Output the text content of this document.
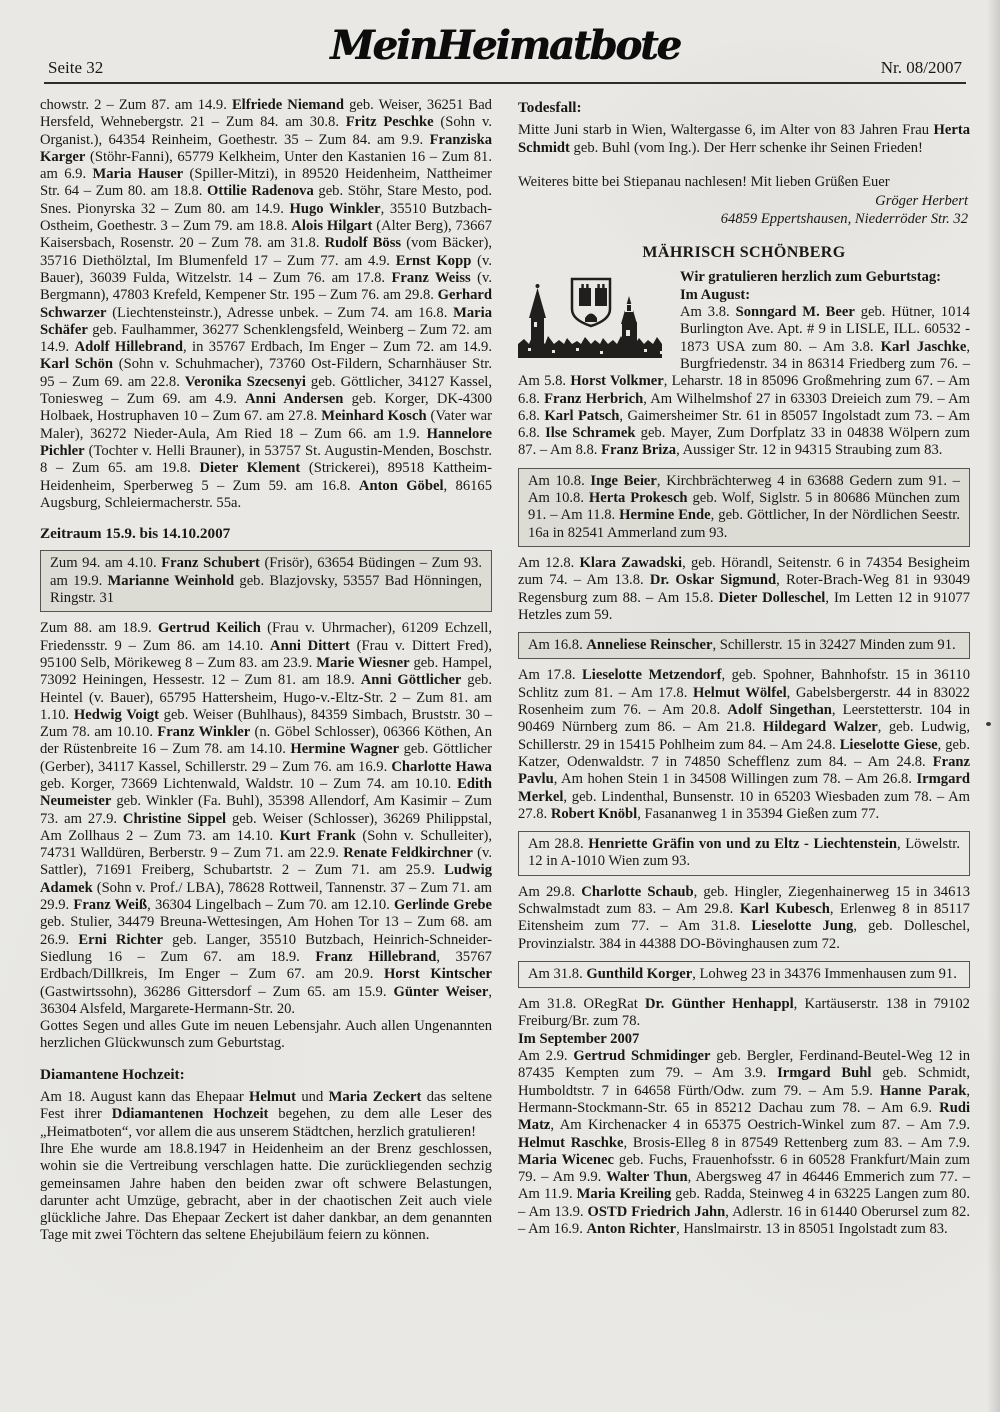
Seite 32	MeinHeimatbote	Nr. 08/2007

chowstr. 2 – Zum 87. am 14.9. Elfriede Niemand geb. Weiser, 36251 Bad Hersfeld, Wehnebergstr. 21 – Zum 84. am 30.8. Fritz Peschke (Sohn v. Organist.), 64354 Reinheim, Goethestr. 35 – Zum 84. am 9.9. Franziska Karger (Stöhr-Fanni), 65779 Kelkheim, Unter den Kastanien 16 – Zum 81. am 6.9. Maria Hauser (Spiller-Mitzi), in 89520 Heidenheim, Nattheimer Str. 64 – Zum 80. am 18.8. Ottilie Radenova geb. Stöhr, Stare Mesto, pod. Snes. Pionyrska 32 – Zum 80. am 14.9. Hugo Winkler, 35510 Butzbach-Ostheim, Goethestr. 3 – Zum 79. am 18.8. Alois Hilgart (Alter Berg), 73667 Kaisersbach, Rosenstr. 20 – Zum 78. am 31.8. Rudolf Böss (vom Bäcker), 35716 Diethölztal, Im Blumenfeld 17 – Zum 77. am 4.9. Ernst Kopp (v. Bauer), 36039 Fulda, Witzelstr. 14 – Zum 76. am 17.8. Franz Weiss (v. Bergmann), 47803 Krefeld, Kempener Str. 195 – Zum 76. am 29.8. Gerhard Schwarzer (Liechtensteinstr.), Adresse unbek. – Zum 74. am 16.8. Maria Schäfer geb. Faulhammer, 36277 Schenklengsfeld, Weinberg – Zum 72. am 14.9. Adolf Hillebrand, in 35767 Erdbach, Im Enger – Zum 72. am 14.9. Karl Schön (Sohn v. Schuhmacher), 73760 Ost-Fildern, Scharnhäuser Str. 95 – Zum 69. am 22.8. Veronika Szecsenyi geb. Göttlicher, 34127 Kassel, Toniesweg – Zum 69. am 4.9. Anni Andersen geb. Korger, DK-4300 Holbaek, Hostruphaven 10 – Zum 67. am 27.8. Meinhard Kosch (Vater war Maler), 36272 Nieder-Aula, Am Ried 18 – Zum 66. am 1.9. Hannelore Pichler (Tochter v. Helli Brauner), in 53757 St. Augustin-Menden, Boschstr. 8 – Zum 65. am 19.8. Dieter Klement (Strickerei), 89518 Kattheim-Heidenheim, Sperberweg 5 – Zum 59. am 16.8. Anton Göbel, 86165 Augsburg, Schleiermacherstr. 55a.

Zeitraum 15.9. bis 14.10.2007
Zum 94. am 4.10. Franz Schubert (Frisör), 63654 Büdingen – Zum 93. am 19.9. Marianne Weinhold geb. Blazjovsky, 53557 Bad Hönningen, Ringstr. 31

Zum 88. am 18.9. Gertrud Keilich (Frau v. Uhrmacher), 61209 Echzell, Friedensstr. 9 – Zum 86. am 14.10. Anni Dittert (Frau v. Dittert Fred), 95100 Selb, Mörikeweg 8 – Zum 83. am 23.9. Marie Wiesner geb. Hampel, 73092 Heiningen, Hessestr. 12 – Zum 81. am 18.9. Anni Göttlicher geb. Heintel (v. Bauer), 65795 Hattersheim, Hugo-v.-Eltz-Str. 2 – Zum 81. am 1.10. Hedwig Voigt geb. Weiser (Buhlhaus), 84359 Simbach, Bruststr. 30 – Zum 78. am 10.10. Franz Winkler (n. Göbel Schlosser), 06366 Köthen, An der Rüstenbreite 16 – Zum 78. am 14.10. Hermine Wagner geb. Göttlicher (Gerber), 34117 Kassel, Schillerstr. 29 – Zum 76. am 16.9. Charlotte Hawa geb. Korger, 73669 Lichtenwald, Waldstr. 10 – Zum 74. am 10.10. Edith Neumeister geb. Winkler (Fa. Buhl), 35398 Allendorf, Am Kasimir – Zum 73. am 27.9. Christine Sippel geb. Weiser (Schlosser), 36269 Philippstal, Am Zollhaus 2 – Zum 73. am 14.10. Kurt Frank (Sohn v. Schulleiter), 74731 Walldüren, Berberstr. 9 – Zum 71. am 22.9. Renate Feldkirchner (v. Sattler), 71691 Freiberg, Schubartstr. 2 – Zum 71. am 25.9. Ludwig Adamek (Sohn v. Prof./ LBA), 78628 Rottweil, Tannenstr. 37 – Zum 71. am 29.9. Franz Weiß, 36304 Lingelbach – Zum 70. am 12.10. Gerlinde Grebe geb. Stulier, 34479 Breuna-Wettesingen, Am Hohen Tor 13 – Zum 68. am 26.9. Erni Richter geb. Langer, 35510 Butzbach, Heinrich-Schneider-Siedlung 16 – Zum 67. am 18.9. Franz Hillebrand, 35767 Erdbach/Dillkreis, Im Enger – Zum 67. am 20.9. Horst Kintscher (Gastwirtssohn), 36286 Gittersdorf – Zum 65. am 15.9. Günter Weiser, 36304 Alsfeld, Margarete-Hermann-Str. 20.

Gottes Segen und alles Gute im neuen Lebensjahr. Auch allen Ungenannten herzlichen Glückwunsch zum Geburtstag.

Diamantene Hochzeit:

Am 18. August kann das Ehepaar Helmut und Maria Zeckert das seltene Fest ihrer Ddiamantenen Hochzeit begehen, zu dem alle Leser des „Heimatboten“, vor allem die aus unserem Städtchen, herzlich gratulieren!

Ihre Ehe wurde am 18.8.1947 in Heidenheim an der Brenz geschlossen, wohin sie die Vertreibung verschlagen hatte. Die zurückliegenden sechzig gemeinsamen Jahre haben den beiden zwar oft schwere Belastungen, darunter acht Umzüge, gebracht, aber in der chaotischen Zeit auch viele glückliche Jahre. Das Ehepaar Zeckert ist daher dankbar, an dem genannten Tage mit zwei Töchtern das seltene Ehejubiläum feiern zu können.

Todesfall:

Mitte Juni starb in Wien, Waltergasse 6, im Alter von 83 Jahren Frau Herta Schmidt geb. Buhl (vom Ing.). Der Herr schenke ihr Seinen Frieden!

Weiteres bitte bei Stiepanau nachlesen! Mit lieben Grüßen Euer

Gröger Herbert
64859 Eppertshausen, Niederröder Str. 32
MÄHRISCH SCHÖNBERG

Wir gratulieren herzlich zum Geburtstag:
Im August:
Am 3.8. Sonngard M. Beer geb. Hütner, 1014 Burlington Ave. Apt. # 9 in LISLE, ILL. 60532 - 1873 USA zum 80. – Am 3.8. Karl Jaschke, Burgfriedenstr. 34 in 86314 Friedberg zum 76. – Am 5.8. Horst Volkmer, Leharstr. 18 in 85096 Großmehring zum 67. – Am 6.8. Franz Herbrich, Am Wilhelmshof 27 in 63303 Dreieich zum 79. – Am 6.8. Karl Patsch, Gaimersheimer Str. 61 in 85057 Ingolstadt zum 73. – Am 6.8. Ilse Schramek geb. Mayer, Zum Dorfplatz 33 in 04838 Wölpern zum 87. – Am 8.8. Franz Briza, Aussiger Str. 12 in 94315 Straubing zum 83.

Am 10.8. Inge Beier, Kirchbrächterweg 4 in 63688 Gedern zum 91. – Am 10.8. Herta Prokesch geb. Wolf, Siglstr. 5 in 80686 München zum 91. – Am 11.8. Hermine Ende, geb. Göttlicher, In der Nördlichen Seestr. 16a in 82541 Ammerland zum 93.

Am 12.8. Klara Zawadski, geb. Hörandl, Seitenstr. 6 in 74354 Besigheim zum 74. – Am 13.8. Dr. Oskar Sigmund, Roter-Brach-Weg 81 in 93049 Regensburg zum 88. – Am 15.8. Dieter Dolleschel, Im Letten 12 in 91077 Hetzles zum 59.

Am 16.8. Anneliese Reinscher, Schillerstr. 15 in 32427 Minden zum 91.

Am 17.8. Lieselotte Metzendorf, geb. Spohner, Bahnhofstr. 15 in 36110 Schlitz zum 81. – Am 17.8. Helmut Wölfel, Gabelsbergerstr. 44 in 83022 Rosenheim zum 76. – Am 20.8. Adolf Singethan, Leerstetterstr. 104 in 90469 Nürnberg zum 86. – Am 21.8. Hildegard Walzer, geb. Ludwig, Schillerstr. 29 in 15415 Pohlheim zum 84. – Am 24.8. Lieselotte Giese, geb. Katzer, Odenwaldstr. 7 in 74850 Schefflenz zum 84. – Am 24.8. Franz Pavlu, Am hohen Stein 1 in 34508 Willingen zum 78. – Am 26.8. Irmgard Merkel, geb. Lindenthal, Bunsenstr. 10 in 65203 Wiesbaden zum 78. – Am 27.8. Robert Knöbl, Fasananweg 1 in 35394 Gießen zum 77.

Am 28.8. Henriette Gräfin von und zu Eltz - Liechtenstein, Löwelstr. 12 in A-1010 Wien zum 93.

Am 29.8. Charlotte Schaub, geb. Hingler, Ziegenhainerweg 15 in 34613 Schwalmstadt zum 83. – Am 29.8. Karl Kubesch, Erlenweg 8 in 85117 Eitensheim zum 77. – Am 31.8. Lieselotte Jung, geb. Dolleschel, Provinzialstr. 384 in 44388 DO-Bövinghausen zum 72.

Am 31.8. Gunthild Korger, Lohweg 23 in 34376 Immenhausen zum 91.

Am 31.8. ORegRat Dr. Günther Henhappl, Kartäuserstr. 138 in 79102 Freiburg/Br. zum 78.

Im September 2007

Am 2.9. Gertrud Schmidinger geb. Bergler, Ferdinand-Beutel-Weg 12 in 87435 Kempten zum 79. – Am 3.9. Irmgard Buhl geb. Schmidt, Humboldtstr. 7 in 64658 Fürth/Odw. zum 79. – Am 5.9. Hanne Parak, Hermann-Stockmann-Str. 65 in 85212 Dachau zum 78. – Am 6.9. Rudi Matz, Am Kirchenacker 4 in 65375 Oestrich-Winkel zum 87. – Am 7.9. Helmut Raschke, Brosis-Elleg 8 in 87549 Rettenberg zum 83. – Am 7.9. Maria Wicenec geb. Fuchs, Frauenhofsstr. 6 in 60528 Frankfurt/Main zum 79. – Am 9.9. Walter Thun, Abergsweg 47 in 46446 Emmerich zum 77. – Am 11.9. Maria Kreiling geb. Radda, Steinweg 4 in 63225 Langen zum 80. – Am 13.9. OSTD Friedrich Jahn, Adlerstr. 16 in 61440 Oberursel zum 82. – Am 16.9. Anton Richter, Hanslmairstr. 13 in 85051 Ingolstadt zum 83.
